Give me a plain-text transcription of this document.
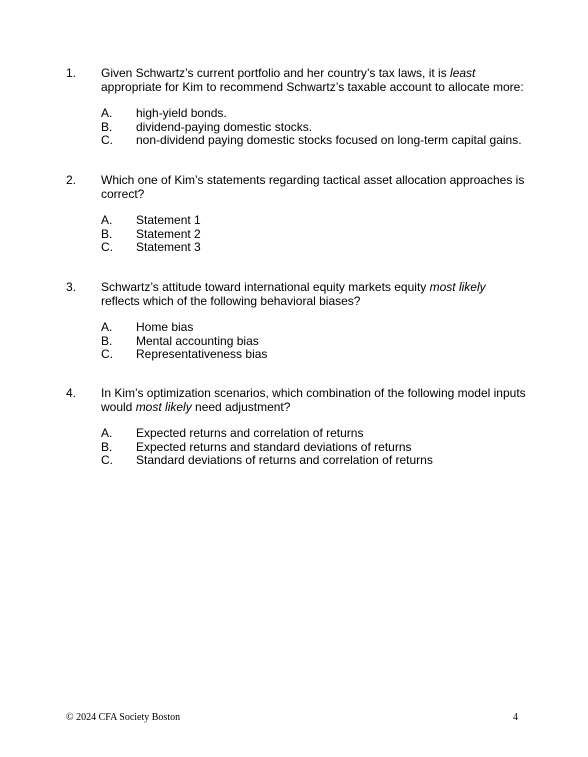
1.	Given Schwartz’s current portfolio and her country’s tax laws, it is least appropriate for Kim to recommend Schwartz’s taxable account to allocate more:
A.	high-yield bonds.
B.	dividend-paying domestic stocks.
C.	non-dividend paying domestic stocks focused on long-term capital gains.
2.	Which one of Kim’s statements regarding tactical asset allocation approaches is correct?
A.	Statement 1
B.	Statement 2
C.	Statement 3
3.	Schwartz’s attitude toward international equity markets equity most likely reflects which of the following behavioral biases?
A.	Home bias
B.	Mental accounting bias
C.	Representativeness bias
4.	In Kim’s optimization scenarios, which combination of the following model inputs would most likely need adjustment?
A.	Expected returns and correlation of returns
B.	Expected returns and standard deviations of returns
C.	Standard deviations of returns and correlation of returns
© 2024 CFA Society Boston	4
